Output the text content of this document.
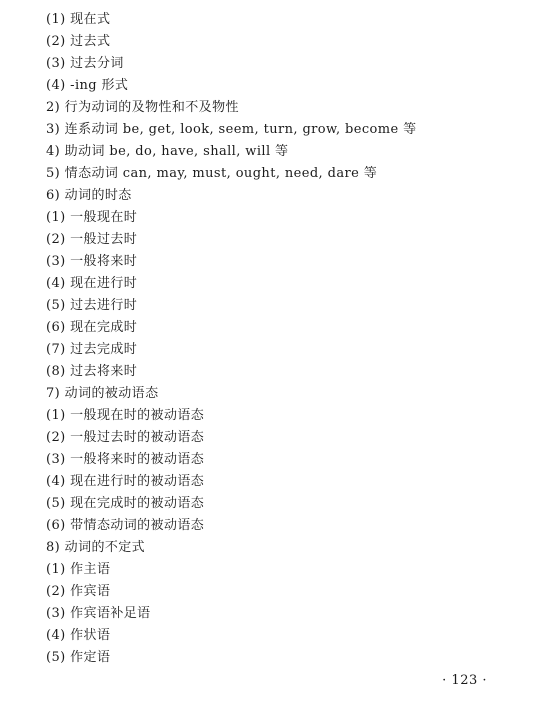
(1) 现在式
(2) 过去式
(3) 过去分词
(4) -ing 形式
2) 行为动词的及物性和不及物性
3) 连系动词 be, get, look, seem, turn, grow, become 等
4) 助动词 be, do, have, shall, will 等
5) 情态动词 can, may, must, ought, need, dare 等
6) 动词的时态
(1) 一般现在时
(2) 一般过去时
(3) 一般将来时
(4) 现在进行时
(5) 过去进行时
(6) 现在完成时
(7) 过去完成时
(8) 过去将来时
7) 动词的被动语态
(1) 一般现在时的被动语态
(2) 一般过去时的被动语态
(3) 一般将来时的被动语态
(4) 现在进行时的被动语态
(5) 现在完成时的被动语态
(6) 带情态动词的被动语态
8) 动词的不定式
(1) 作主语
(2) 作宾语
(3) 作宾语补足语
(4) 作状语
(5) 作定语
· 123 ·
